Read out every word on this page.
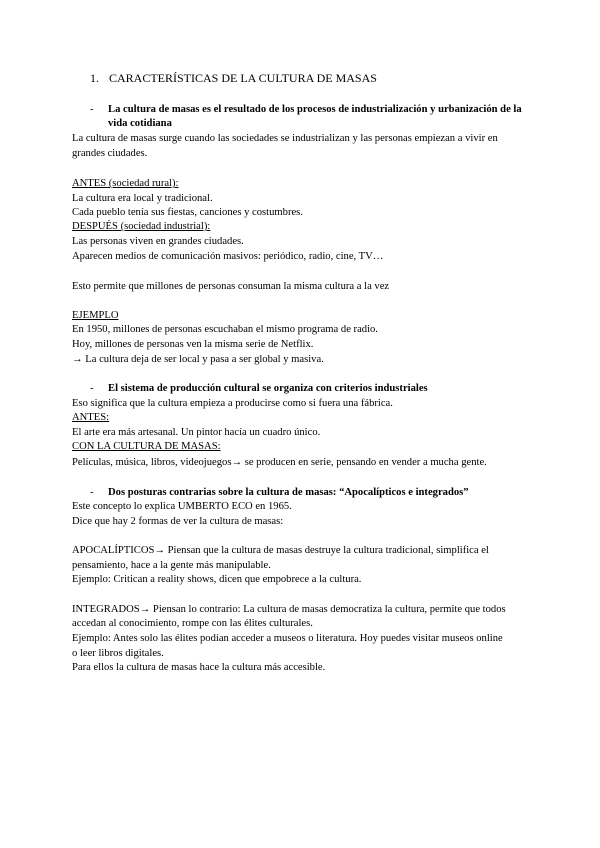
1. CARACTERÍSTICAS DE LA CULTURA DE MASAS
- La cultura de masas es el resultado de los procesos de industrialización y urbanización de la vida cotidiana
La cultura de masas surge cuando las sociedades se industrializan y las personas empiezan a vivir en
grandes ciudades.
ANTES (sociedad rural):
La cultura era local y tradicional.
Cada pueblo tenía sus fiestas, canciones y costumbres.
DESPUÉS (sociedad industrial):
Las personas viven en grandes ciudades.
Aparecen medios de comunicación masivos: periódico, radio, cine, TV…
Esto permite que millones de personas consuman la misma cultura a la vez
EJEMPLO
En 1950, millones de personas escuchaban el mismo programa de radio.
Hoy, millones de personas ven la misma serie de Netflix.
→ La cultura deja de ser local y pasa a ser global y masiva.
- El sistema de producción cultural se organiza con criterios industriales
Eso significa que la cultura empieza a producirse como si fuera una fábrica.
ANTES:
El arte era más artesanal. Un pintor hacía un cuadro único.
CON LA CULTURA DE MASAS:
Películas, música, libros, videojuegos→ se producen en serie, pensando en vender a mucha gente.
- Dos posturas contrarias sobre la cultura de masas: “Apocalípticos e integrados”
Este concepto lo explica UMBERTO ECO en 1965.
Dice que hay 2 formas de ver la cultura de masas:
APOCALÍPTICOS→ Piensan que la cultura de masas destruye la cultura tradicional, simplifica el
pensamiento, hace a la gente más manipulable.
Ejemplo: Critican a reality shows, dicen que empobrece a la cultura.
INTEGRADOS→ Piensan lo contrario: La cultura de masas democratiza la cultura, permite que todos
accedan al conocimiento, rompe con las élites culturales.
Ejemplo: Antes solo las élites podían acceder a museos o literatura. Hoy puedes visitar museos online
o leer libros digitales.
Para ellos la cultura de masas hace la cultura más accesible.
